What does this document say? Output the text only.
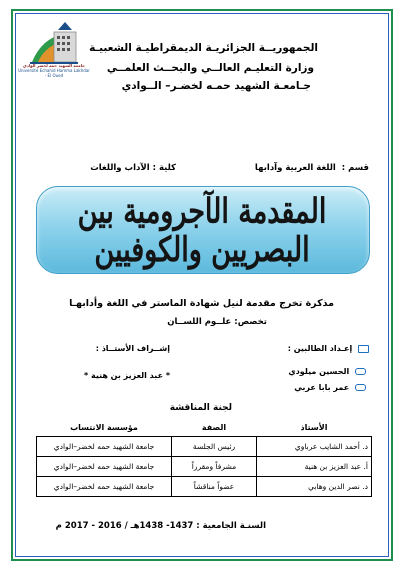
جامعة الشهيد حمه لخضر الوادي
Université Echahid Hamma Lakhdar - El Oued
الجمهوريــة الجزائريـة الديمقراطيـة الشعبيـة
وزارة التعليـم العالــي والبحــث العلمــي
جـامعـة الشهيد حمـه لخضـر– الــوادي
قسم :  اللغة العربية وآدابها
كلية : الآداب واللغات
المقدمة الآجرومية بين البصريين والكوفيين
مذكرة تخرج مقدمة لنيل شهادة الماستر في اللغة وأدابهـا
تخصص: علــوم اللســان
إعـداد الطالبين :
إشــراف الأستــاذ :
الحسين ميلودي
عمر بابا عربي
* عبد العزيز بن هنية *
لجنة المناقشة
الأستاذ	الصفة	مؤسسة الانتساب
د. أحمد الشايب عرباوي	رئيس الجلسة	جامعة الشهيد حمه لخضر–الوادي
أ. عبد العزيز بن هنية	مشرفاً ومقرراً	جامعة الشهيد حمه لخضر–الوادي
د. نصر الدين وهابي	عضواً مناقشاً	جامعة الشهيد حمه لخضر–الوادي
السنـة الجامعية : 1437- 1438هـ / 2016 - 2017 م
